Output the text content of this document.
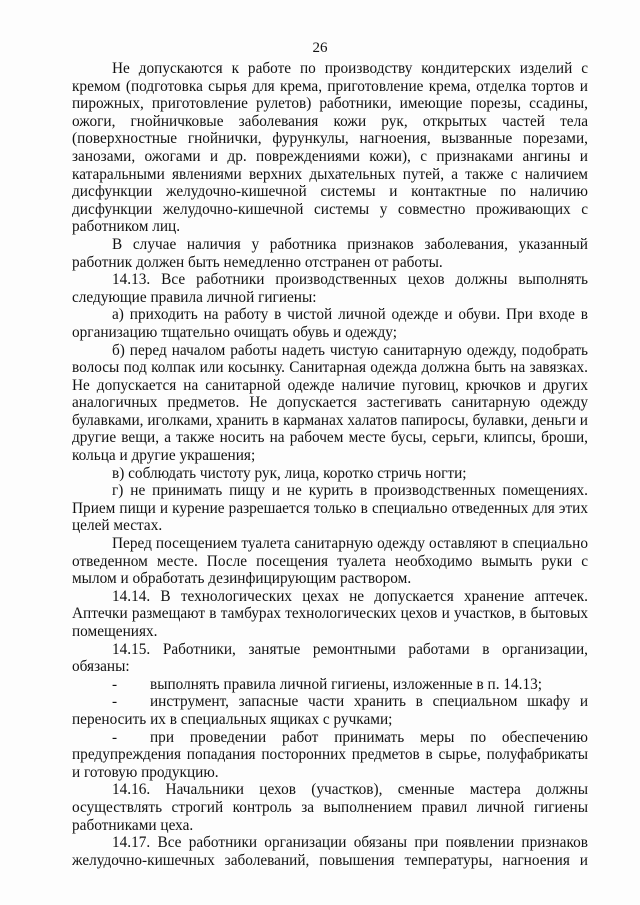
26

Не допускаются к работе по производству кондитерских изделий с кремом (подготовка сырья для крема, приготовление крема, отделка тортов и пирожных, приготовление рулетов) работники, имеющие порезы, ссадины, ожоги, гнойничковые заболевания кожи рук, открытых частей тела (поверхностные гнойнички, фурункулы, нагноения, вызванные порезами, занозами, ожогами и др. повреждениями кожи), с признаками ангины и катаральными явлениями верхних дыхательных путей, а также с наличием дисфункции желудочно-кишечной системы и контактные по наличию дисфункции желудочно-кишечной системы у совместно проживающих с работником лиц.

В случае наличия у работника признаков заболевания, указанный работник должен быть немедленно отстранен от работы.

14.13. Все работники производственных цехов должны выполнять следующие правила личной гигиены:

а) приходить на работу в чистой личной одежде и обуви. При входе в организацию тщательно очищать обувь и одежду;

б) перед началом работы надеть чистую санитарную одежду, подобрать волосы под колпак или косынку. Санитарная одежда должна быть на завязках. Не допускается на санитарной одежде наличие пуговиц, крючков и других аналогичных предметов. Не допускается застегивать санитарную одежду булавками, иголками, хранить в карманах халатов папиросы, булавки, деньги и другие вещи, а также носить на рабочем месте бусы, серьги, клипсы, броши, кольца и другие украшения;

в) соблюдать чистоту рук, лица, коротко стричь ногти;

г) не принимать пищу и не курить в производственных помещениях. Прием пищи и курение разрешается только в специально отведенных для этих целей местах.

Перед посещением туалета санитарную одежду оставляют в специально отведенном месте. После посещения туалета необходимо вымыть руки с мылом и обработать дезинфицирующим раствором.

14.14. В технологических цехах не допускается хранение аптечек. Аптечки размещают в тамбурах технологических цехов и участков, в бытовых помещениях.

14.15. Работники, занятые ремонтными работами в организации, обязаны:

-	выполнять правила личной гигиены, изложенные в п. 14.13;

-	инструмент, запасные части хранить в специальном шкафу и переносить их в специальных ящиках с ручками;

-	при проведении работ принимать меры по обеспечению предупреждения попадания посторонних предметов в сырье, полуфабрикаты и готовую продукцию.

14.16. Начальники цехов (участков), сменные мастера должны осуществлять строгий контроль за выполнением правил личной гигиены работниками цеха.

14.17. Все работники организации обязаны при появлении признаков желудочно-кишечных заболеваний, повышения температуры, нагноения и
